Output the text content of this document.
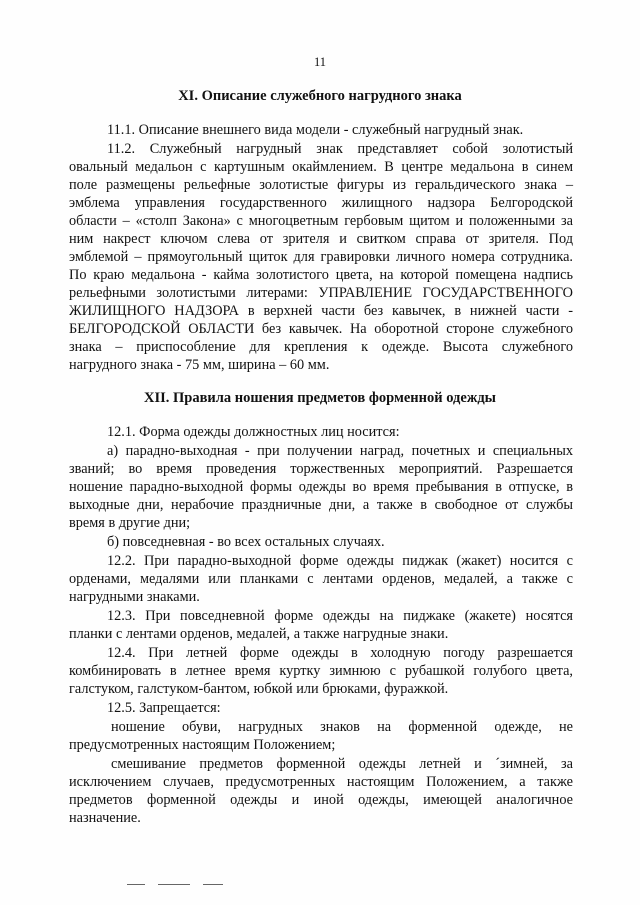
11
XI. Описание служебного нагрудного знака
11.1. Описание внешнего вида модели - служебный нагрудный знак.
11.2. Служебный нагрудный знак представляет собой золотистый
овальный медальон с картушным окаймлением. В центре медальона в синем
поле размещены рельефные золотистые фигуры из геральдического знака –
эмблема управления государственного жилищного надзора Белгородской
области – «столп Закона» с многоцветным гербовым щитом и положенными за
ним накрест ключом слева от зрителя и свитком справа от зрителя. Под
эмблемой – прямоугольный щиток для гравировки личного номера сотрудника.
По краю медальона - кайма золотистого цвета, на которой помещена надпись
рельефными золотистыми литерами: УПРАВЛЕНИЕ ГОСУДАРСТВЕННОГО
ЖИЛИЩНОГО НАДЗОРА в верхней части без кавычек, в нижней части -
БЕЛГОРОДСКОЙ ОБЛАСТИ без кавычек. На оборотной стороне служебного
знака – приспособление для крепления к одежде. Высота служебного
нагрудного знака - 75 мм, ширина – 60 мм.
XII. Правила ношения предметов форменной одежды
12.1. Форма одежды должностных лиц носится:
а) парадно-выходная - при получении наград, почетных и специальных
званий; во время проведения торжественных мероприятий. Разрешается
ношение парадно-выходной формы одежды во время пребывания в отпуске, в
выходные дни, нерабочие праздничные дни, а также в свободное от службы
время в другие дни;
б) повседневная - во всех остальных случаях.
12.2. При парадно-выходной форме одежды пиджак (жакет) носится с
орденами, медалями или планками с лентами орденов, медалей, а также с
нагрудными знаками.
12.3. При повседневной форме одежды на пиджаке (жакете) носятся
планки с лентами орденов, медалей, а также нагрудные знаки.
12.4. При летней форме одежды в холодную погоду разрешается
комбинировать в летнее время куртку зимнюю с рубашкой голубого цвета,
галстуком, галстуком-бантом, юбкой или брюками, фуражкой.
12.5. Запрещается:
ношение обуви, нагрудных знаков на форменной одежде, не
предусмотренных настоящим Положением;
смешивание предметов форменной одежды летней и ´зимней, за
исключением случаев, предусмотренных настоящим Положением, а также
предметов форменной одежды и иной одежды, имеющей аналогичное
назначение.
